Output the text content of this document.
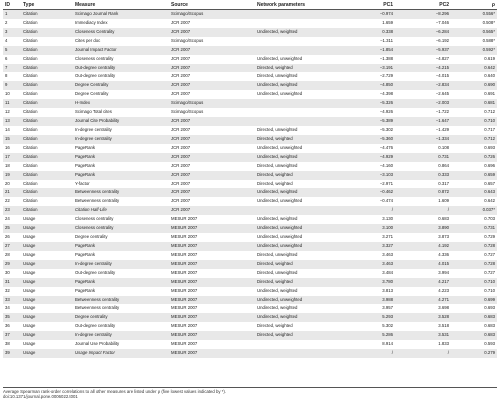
ID	Type	Measure	Source	Network parameters	PC1	PC2	ρ
1	Citation	Scimago Journal Rank	Scimago/Scopus		−0.974	−8.296	0.556*
2	Citation	Immediacy Index	JCR 2007		1.659	−7.046	0.508*
3	Citation	Closeness Centrality	JCR 2007	Undirected, weighted	0.338	−6.284	0.565*
4	Citation	Cites per doc	Scimago/Scopus		−1.311	−6.192	0.588*
5	Citation	Journal Impact Factor	JCR 2007		−1.854	−5.937	0.592*
6	Citation	Closeness centrality	JCR 2007	Undirected, unweighted	−1.388	−4.827	0.619
7	Citation	Out-degree centrality	JCR 2007	Directed, weighted	−3.191	−4.215	0.642
8	Citation	Out-degree centrality	JCR 2007	Directed, unweighted	−2.729	−4.015	0.640
9	Citation	Degree Centrality	JCR 2007	Undirected, weighted	−4.850	−2.834	0.690
10	Citation	Degree Centrality	JCR 2007	Undirected, unweighted	−4.398	−2.645	0.691
11	Citation	H-Index	Scimago/Scopus		−5.326	−2.003	0.681
12	Citation	Scimago Total cites	Scimago/Scopus		−4.926	−1.722	0.712
13	Citation	Journal Cite Probability	JCR 2007		−5.389	−1.647	0.710
14	Citation	In-degree centrality	JCR 2007	Directed, unweighted	−5.302	−1.429	0.717
15	Citation	In-degree centrality	JCR 2007	Directed, weighted	−5.360	−1.334	0.712
16	Citation	PageRank	JCR 2007	Undirected, unweighted	−4.476	0.108	0.693
17	Citation	PageRank	JCR 2007	Undirected, weighted	−4.929	0.731	0.726
18	Citation	PageRank	JCR 2007	Directed, unweighted	−4.160	0.864	0.696
19	Citation	PageRank	JCR 2007	Directed, weighted	−3.103	0.333	0.659
20	Citation	Y-factor	JCR 2007	Directed, weighted	−2.971	0.317	0.657
21	Citation	Betweenness centrality	JCR 2007	Undirected, weighted	−0.462	0.872	0.643
22	Citation	Betweenness centrality	JCR 2007	Undirected, unweighted	−0.474	1.609	0.642
23	Citation	Citation Half-Life	JCR 2007		/	/	0.037*
24	Usage	Closeness centrality	MESUR 2007	Undirected, weighted	3.130	0.683	0.703
25	Usage	Closeness centrality	MESUR 2007	Undirected, unweighted	3.100	3.890	0.731
26	Usage	Degree centrality	MESUR 2007	Undirected, unweighted	3.271	3.873	0.729
27	Usage	PageRank	MESUR 2007	Undirected, unweighted	3.327	4.192	0.728
28	Usage	PageRank	MESUR 2007	Directed, unweighted	3.463	4.336	0.727
29	Usage	In-degree centrality	MESUR 2007	Directed, weighted	3.463	4.015	0.728
30	Usage	Out-degree centrality	MESUR 2007	Directed, unweighted	3.484	3.994	0.727
31	Usage	PageRank	MESUR 2007	Directed, weighted	3.780	4.217	0.710
32	Usage	PageRank	MESUR 2007	Undirected, weighted	3.813	4.223	0.710
33	Usage	Betweenness centrality	MESUR 2007	Undirected, unweighted	3.988	4.271	0.699
34	Usage	Betweenness centrality	MESUR 2007	Undirected, weighted	3.957	3.698	0.693
35	Usage	Degree centrality	MESUR 2007	Undirected, weighted	5.293	3.528	0.683
36	Usage	Out-degree centrality	MESUR 2007	Directed, weighted	5.302	3.518	0.683
37	Usage	In-degree centrality	MESUR 2007	Directed, weighted	5.286	3.531	0.683
38	Usage	Journal Use Probability	MESUR 2007		8.914	1.833	0.593
39	Usage	Usage Impact Factor	MESUR 2007		/	/	0.279
Average Spearman rank-order correlations to all other measures are listed under ρ (five lowest values indicated by *).
doi:10.1371/journal.pone.0006022.t001
